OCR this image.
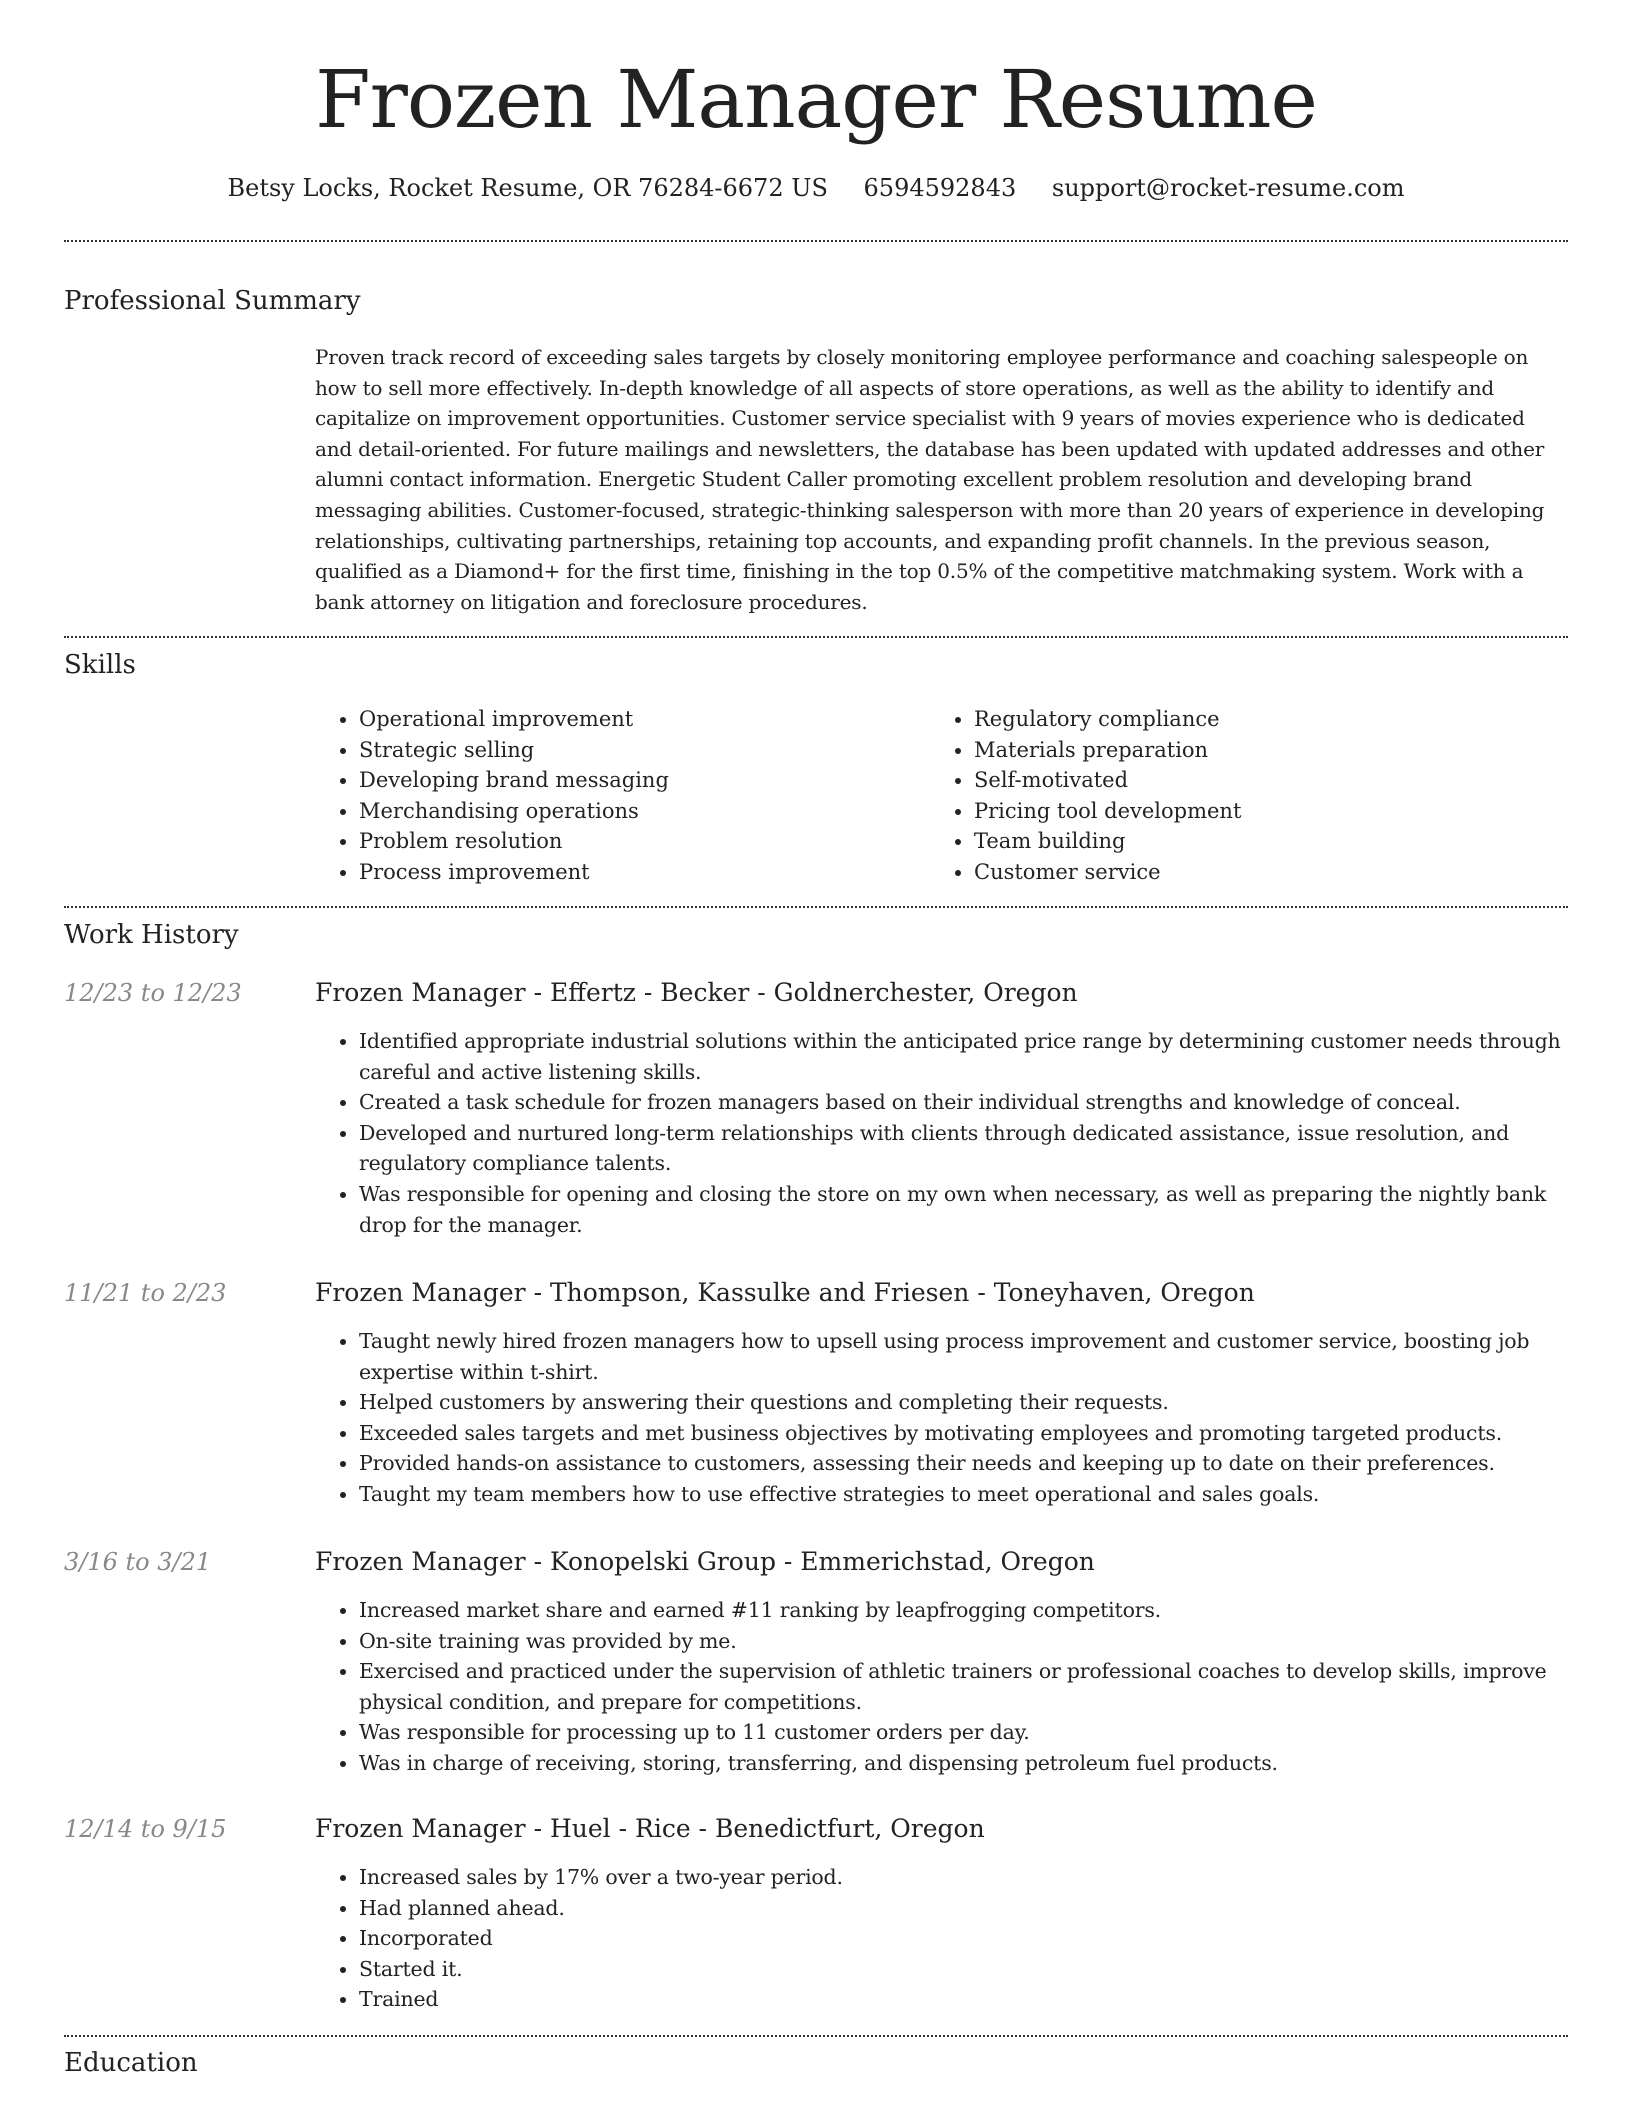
Frozen Manager Resume
Betsy Locks, Rocket Resume, OR 76284-6672 US 6594592843 support@rocket-resume.com
Professional Summary
Proven track record of exceeding sales targets by closely monitoring employee performance and coaching salespeople on how to sell more effectively. In-depth knowledge of all aspects of store operations, as well as the ability to identify and capitalize on improvement opportunities. Customer service specialist with 9 years of movies experience who is dedicated and detail-oriented. For future mailings and newsletters, the database has been updated with updated addresses and other alumni contact information. Energetic Student Caller promoting excellent problem resolution and developing brand messaging abilities. Customer-focused, strategic-thinking salesperson with more than 20 years of experience in developing relationships, cultivating partnerships, retaining top accounts, and expanding profit channels. In the previous season, qualified as a Diamond+ for the first time, finishing in the top 0.5% of the competitive matchmaking system. Work with a bank attorney on litigation and foreclosure procedures.
Skills
• Operational improvement
• Strategic selling
• Developing brand messaging
• Merchandising operations
• Problem resolution
• Process improvement
• Regulatory compliance
• Materials preparation
• Self-motivated
• Pricing tool development
• Team building
• Customer service
Work History
12/23 to 12/23	Frozen Manager - Effertz - Becker - Goldnerchester, Oregon
• Identified appropriate industrial solutions within the anticipated price range by determining customer needs through careful and active listening skills.
• Created a task schedule for frozen managers based on their individual strengths and knowledge of conceal.
• Developed and nurtured long-term relationships with clients through dedicated assistance, issue resolution, and regulatory compliance talents.
• Was responsible for opening and closing the store on my own when necessary, as well as preparing the nightly bank drop for the manager.
11/21 to 2/23	Frozen Manager - Thompson, Kassulke and Friesen - Toneyhaven, Oregon
• Taught newly hired frozen managers how to upsell using process improvement and customer service, boosting job expertise within t-shirt.
• Helped customers by answering their questions and completing their requests.
• Exceeded sales targets and met business objectives by motivating employees and promoting targeted products.
• Provided hands-on assistance to customers, assessing their needs and keeping up to date on their preferences.
• Taught my team members how to use effective strategies to meet operational and sales goals.
3/16 to 3/21	Frozen Manager - Konopelski Group - Emmerichstad, Oregon
• Increased market share and earned #11 ranking by leapfrogging competitors.
• On-site training was provided by me.
• Exercised and practiced under the supervision of athletic trainers or professional coaches to develop skills, improve physical condition, and prepare for competitions.
• Was responsible for processing up to 11 customer orders per day.
• Was in charge of receiving, storing, transferring, and dispensing petroleum fuel products.
12/14 to 9/15	Frozen Manager - Huel - Rice - Benedictfurt, Oregon
• Increased sales by 17% over a two-year period.
• Had planned ahead.
• Incorporated
• Started it.
• Trained
Education
